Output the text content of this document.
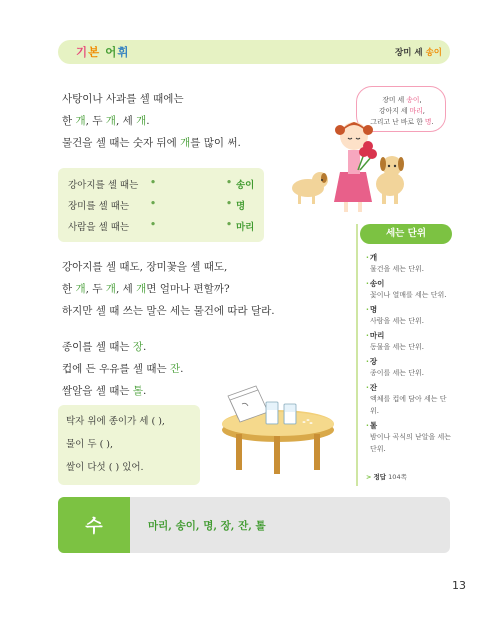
기본 어휘	장미 세 송이
사탕이나 사과를 셀 때에는
한 개, 두 개, 세 개.
물건을 셀 때는 숫자 뒤에 개를 많이 써.
장미 세 송이,
강아지 세 마리,
그리고 난 바로 한 명.
강아지를 셀 때는 •	• 송이
장미를 셀 때는 •	• 명
사람을 셀 때는 •	• 마리
강아지를 셀 때도, 장미꽃을 셀 때도,
한 개, 두 개, 세 개면 얼마나 편할까?
하지만 셀 때 쓰는 말은 세는 물건에 따라 달라.
종이를 셀 때는 장.
컵에 든 우유를 셀 때는 잔.
쌀알을 셀 때는 톨.
탁자 위에 종이가 세 ( ),
물이 두 ( ),
쌀이 다섯 ( ) 있어.
세는 단위
· 개
물건을 세는 단위.
· 송이
꽃이나 열매를 세는 단위.
· 명
사람을 세는 단위.
· 마리
동물을 세는 단위.
· 장
종이를 세는 단위.
· 잔
액체를 컵에 담아 세는 단위.
· 톨
밤이나 곡식의 낟알을 세는 단위.
> 정답 104쪽
수	마리, 송이, 명, 장, 잔, 톨
13
